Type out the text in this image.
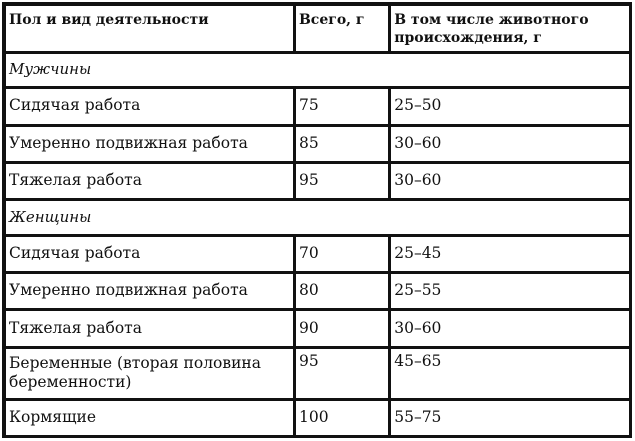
Пол и вид деятельности	Всего, г	В том числе животного происхождения, г
Мужчины		
Сидячая работа	75	25–50
Умеренно подвижная работа	85	30–60
Тяжелая работа	95	30–60
Женщины		
Сидячая работа	70	25–45
Умеренно подвижная работа	80	25–55
Тяжелая работа	90	30–60
Беременные (вторая половина беременности)	95	45–65
Кормящие	100	55–75
